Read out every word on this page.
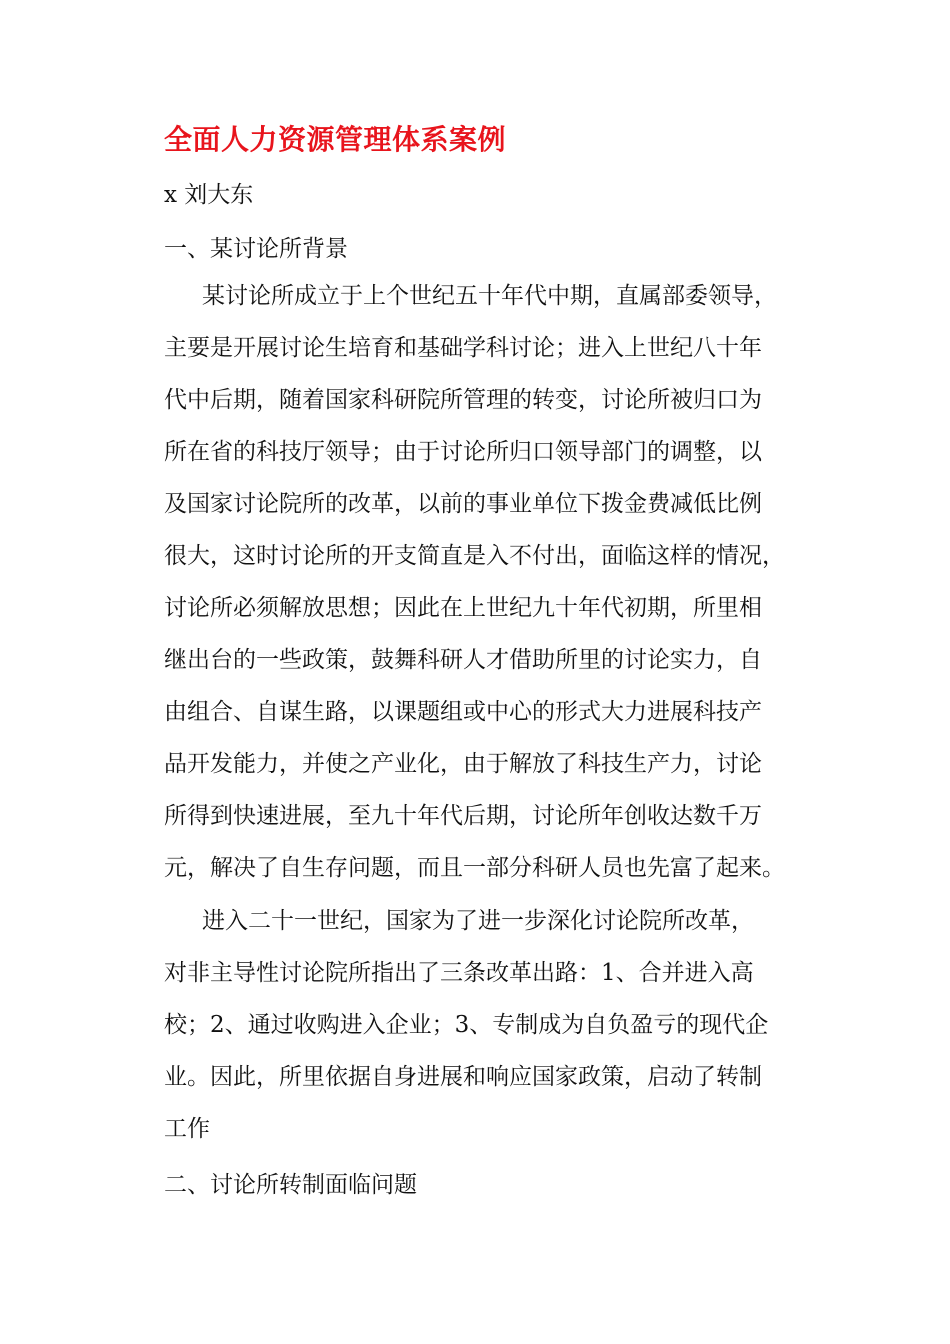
全面人力资源管理体系案例
x 刘大东
一、某讨论所背景
某讨论所成立于上个世纪五十年代中期，直属部委领导，
主要是开展讨论生培育和基础学科讨论；进入上世纪八十年
代中后期，随着国家科研院所管理的转变，讨论所被归口为
所在省的科技厅领导；由于讨论所归口领导部门的调整，以
及国家讨论院所的改革，以前的事业单位下拨金费减低比例
很大，这时讨论所的开支简直是入不付出，面临这样的情况，
讨论所必须解放思想；因此在上世纪九十年代初期，所里相
继出台的一些政策，鼓舞科研人才借助所里的讨论实力，自
由组合、自谋生路，以课题组或中心的形式大力进展科技产
品开发能力，并使之产业化，由于解放了科技生产力，讨论
所得到快速进展，至九十年代后期，讨论所年创收达数千万
元，解决了自生存问题，而且一部分科研人员也先富了起来。
进入二十一世纪，国家为了进一步深化讨论院所改革，
对非主导性讨论院所指出了三条改革出路：1、合并进入高
校；2、通过收购进入企业；3、专制成为自负盈亏的现代企
业。因此，所里依据自身进展和响应国家政策，启动了转制
工作
二、讨论所转制面临问题
